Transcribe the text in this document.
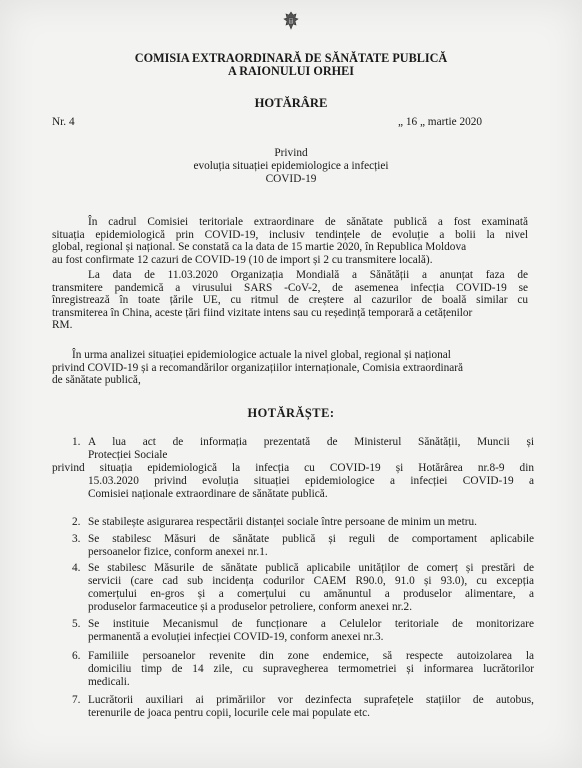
COMISIA EXTRAORDINARĂ DE SĂNĂTATE PUBLICĂ
A RAIONULUI ORHEI
HOTĂRÂRE
Nr. 4	„ 16 „ martie 2020
Privind
evoluția situației epidemiologice a infecției
COVID-19
În cadrul Comisiei teritoriale extraordinare de sănătate publică a fost examinată
situația epidemiologică prin COVID-19, inclusiv tendințele de evoluție a bolii la nivel
global, regional și național. Se constată ca la data de 15 martie 2020, în Republica Moldova
au fost confirmate 12 cazuri de COVID-19 (10 de import și 2 cu transmitere locală).
La data de 11.03.2020 Organizația Mondială a Sănătății a anunțat faza de
transmitere pandemică a virusului SARS -CoV-2, de asemenea infecția COVID-19 se
înregistrează în toate țările UE, cu ritmul de creștere al cazurilor de boală similar cu
transmiterea în China, aceste țări fiind vizitate intens sau cu reședință temporară a cetățenilor
RM.
În urma analizei situației epidemiologice actuale la nivel global, regional și național
privind COVID-19 și a recomandărilor organizațiilor internaționale, Comisia extraordinară
de sănătate publică,
HOTĂRĂȘTE:
1. A lua act de informația prezentată de Ministerul Sănătății, Muncii și
Protecției Sociale
privind situația epidemiologică la infecția cu COVID-19 și Hotărârea nr.8-9 din
15.03.2020 privind evoluția situației epidemiologice a infecției COVID-19 a
Comisiei naționale extraordinare de sănătate publică.
2. Se stabilește asigurarea respectării distanței sociale între persoane de minim un metru.
3. Se stabilesc Măsuri de sănătate publică și reguli de comportament aplicabile
persoanelor fizice, conform anexei nr.1.
4. Se stabilesc Măsurile de sănătate publică aplicabile unităților de comerț și prestări de
servicii (care cad sub incidența codurilor CAEM R90.0, 91.0 și 93.0), cu excepția
comerțului en-gros și a comerțului cu amănuntul a produselor alimentare, a
produselor farmaceutice și a produselor petroliere, conform anexei nr.2.
5. Se instituie Mecanismul de funcționare a Celulelor teritoriale de monitorizare
permanentă a evoluției infecției COVID-19, conform anexei nr.3.
6. Familiile persoanelor revenite din zone endemice, să respecte autoizolarea la
domiciliu timp de 14 zile, cu supravegherea termometriei și informarea lucrătorilor
medicali.
7. Lucrătorii auxiliari ai primăriilor vor dezinfecta suprafețele stațiilor de autobus,
terenurile de joaca pentru copii, locurile cele mai populate etc.
